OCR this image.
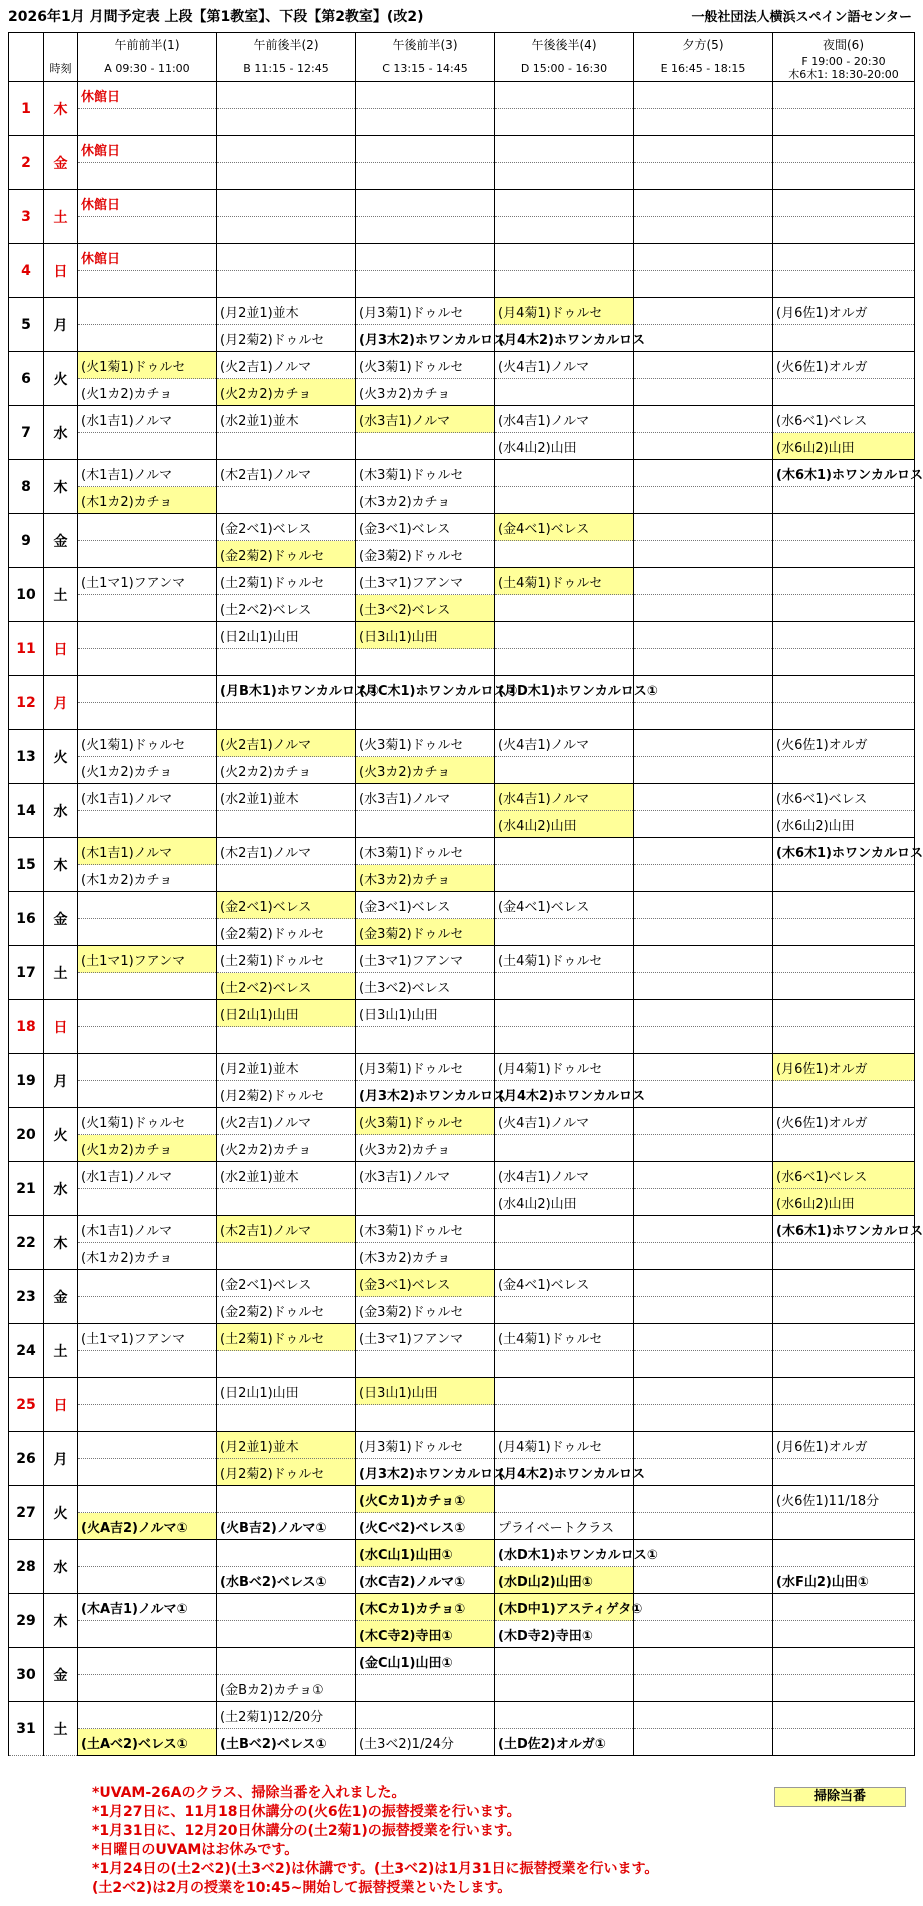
2026年1月 月間予定表 上段【第1教室】、下段【第2教室】(改2)	一般社団法人横浜スペイン語センター
		午前前半(1)	午前後半(2)	午後前半(3)	午後後半(4)	夕方(5)	夜間(6)
	時刻	A 09:30 - 11:00	B 11:15 - 12:45	C 13:15 - 14:45	D 15:00 - 16:30	E 16:45 - 18:15	F 19:00 - 20:30
木6木1: 18:30-20:00

1	木	休館日					

2	金	休館日					

3	土	休館日					

4	日	休館日					

5	月		(月2並1)並木	(月3菊1)ドゥルセ	(月4菊1)ドゥルセ		(月6佐1)オルガ
			(月2菊2)ドゥルセ	(月3木2)ホワンカルロス	(月4木2)ホワンカルロス		
6	火	(火1菊1)ドゥルセ	(火2吉1)ノルマ	(火3菊1)ドゥルセ	(火4吉1)ノルマ		(火6佐1)オルガ
		(火1カ2)カチョ	(火2カ2)カチョ	(火3カ2)カチョ			
7	水	(水1吉1)ノルマ	(水2並1)並木	(水3吉1)ノルマ	(水4吉1)ノルマ		(水6ベ1)ベレス
					(水4山2)山田		(水6山2)山田
8	木	(木1吉1)ノルマ	(木2吉1)ノルマ	(木3菊1)ドゥルセ			(木6木1)ホワンカルロス
		(木1カ2)カチョ		(木3カ2)カチョ			
9	金		(金2ベ1)ベレス	(金3ベ1)ベレス	(金4ベ1)ベレス		
			(金2菊2)ドゥルセ	(金3菊2)ドゥルセ			
10	土	(土1マ1)フアンマ	(土2菊1)ドゥルセ	(土3マ1)フアンマ	(土4菊1)ドゥルセ		
			(土2ベ2)ベレス	(土3ベ2)ベレス			
11	日		(日2山1)山田	(日3山1)山田			

12	月		(月B木1)ホワンカルロス①	(月C木1)ホワンカルロス①	(月D木1)ホワンカルロス①		

13	火	(火1菊1)ドゥルセ	(火2吉1)ノルマ	(火3菊1)ドゥルセ	(火4吉1)ノルマ		(火6佐1)オルガ
		(火1カ2)カチョ	(火2カ2)カチョ	(火3カ2)カチョ			
14	水	(水1吉1)ノルマ	(水2並1)並木	(水3吉1)ノルマ	(水4吉1)ノルマ		(水6ベ1)ベレス
					(水4山2)山田		(水6山2)山田
15	木	(木1吉1)ノルマ	(木2吉1)ノルマ	(木3菊1)ドゥルセ			(木6木1)ホワンカルロス
		(木1カ2)カチョ		(木3カ2)カチョ			
16	金		(金2ベ1)ベレス	(金3ベ1)ベレス	(金4ベ1)ベレス		
			(金2菊2)ドゥルセ	(金3菊2)ドゥルセ			
17	土	(土1マ1)フアンマ	(土2菊1)ドゥルセ	(土3マ1)フアンマ	(土4菊1)ドゥルセ		
			(土2ベ2)ベレス	(土3ベ2)ベレス			
18	日		(日2山1)山田	(日3山1)山田			

19	月		(月2並1)並木	(月3菊1)ドゥルセ	(月4菊1)ドゥルセ		(月6佐1)オルガ
			(月2菊2)ドゥルセ	(月3木2)ホワンカルロス	(月4木2)ホワンカルロス		
20	火	(火1菊1)ドゥルセ	(火2吉1)ノルマ	(火3菊1)ドゥルセ	(火4吉1)ノルマ		(火6佐1)オルガ
		(火1カ2)カチョ	(火2カ2)カチョ	(火3カ2)カチョ			
21	水	(水1吉1)ノルマ	(水2並1)並木	(水3吉1)ノルマ	(水4吉1)ノルマ		(水6ベ1)ベレス
					(水4山2)山田		(水6山2)山田
22	木	(木1吉1)ノルマ	(木2吉1)ノルマ	(木3菊1)ドゥルセ			(木6木1)ホワンカルロス
		(木1カ2)カチョ		(木3カ2)カチョ			
23	金		(金2ベ1)ベレス	(金3ベ1)ベレス	(金4ベ1)ベレス		
			(金2菊2)ドゥルセ	(金3菊2)ドゥルセ			
24	土	(土1マ1)フアンマ	(土2菊1)ドゥルセ	(土3マ1)フアンマ	(土4菊1)ドゥルセ		

25	日		(日2山1)山田	(日3山1)山田			

26	月		(月2並1)並木	(月3菊1)ドゥルセ	(月4菊1)ドゥルセ		(月6佐1)オルガ
			(月2菊2)ドゥルセ	(月3木2)ホワンカルロス	(月4木2)ホワンカルロス		
27	火			(火Cカ1)カチョ①			(火6佐1)11/18分
		(火A吉2)ノルマ①	(火B吉2)ノルマ①	(火Cベ2)ベレス①	プライベートクラス		
28	水			(水C山1)山田①	(水D木1)ホワンカルロス①		
			(水Bベ2)ベレス①	(水C吉2)ノルマ①	(水D山2)山田①		(水F山2)山田①
29	木	(木A吉1)ノルマ①		(木Cカ1)カチョ①	(木D中1)アスティゲタ①		
				(木C寺2)寺田①	(木D寺2)寺田①		
30	金			(金C山1)山田①			
			(金Bカ2)カチョ①				
31	土		(土2菊1)12/20分				
		(土Aベ2)ベレス①	(土Bベ2)ベレス①	(土3ベ2)1/24分	(土D佐2)オルガ①		
*UVAM-26Aのクラス、掃除当番を入れました。
*1月27日に、11月18日休講分の(火6佐1)の振替授業を行います。
*1月31日に、12月20日休講分の(土2菊1)の振替授業を行います。
*日曜日のUVAMはお休みです。
*1月24日の(土2ベ2)(土3ベ2)は休講です。(土3ベ2)は1月31日に振替授業を行います。
(土2ベ2)は2月の授業を10:45~開始して振替授業といたします。
掃除当番
